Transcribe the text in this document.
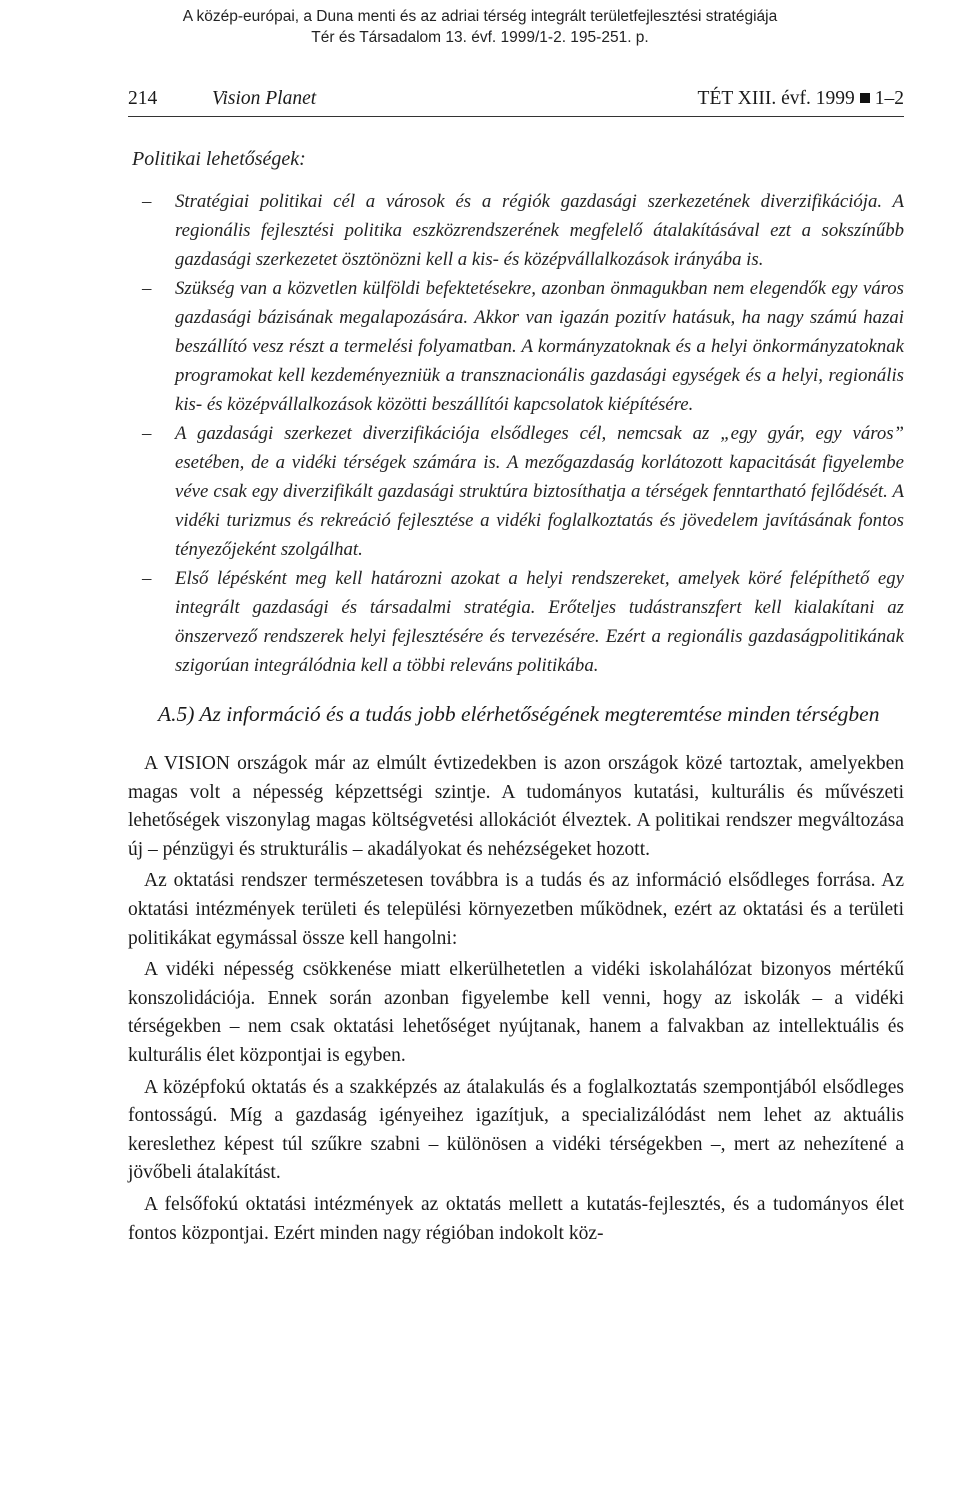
A közép-európai, a Duna menti és az adriai térség integrált területfejlesztési stratégiája
Tér és Társadalom 13. évf. 1999/1-2. 195-251. p.
214	Vision Planet	TÉT XIII. évf. 1999 1–2
Politikai lehetőségek:
– Stratégiai politikai cél a városok és a régiók gazdasági szerkezetének diverzifikációja. A regionális fejlesztési politika eszközrendszerének megfelelő átalakításával ezt a sokszínűbb gazdasági szerkezetet ösztönözni kell a kis- és középvállalkozások irányába is.
– Szükség van a közvetlen külföldi befektetésekre, azonban önmagukban nem elegendők egy város gazdasági bázisának megalapozására. Akkor van igazán pozitív hatásuk, ha nagy számú hazai beszállító vesz részt a termelési folyamatban. A kormányzatoknak és a helyi önkormányzatoknak programokat kell kezdeményezniük a transznacionális gazdasági egységek és a helyi, regionális kis- és középvállalkozások közötti beszállítói kapcsolatok kiépítésére.
– A gazdasági szerkezet diverzifikációja elsődleges cél, nemcsak az „egy gyár, egy város” esetében, de a vidéki térségek számára is. A mezőgazdaság korlátozott kapacitását figyelembe véve csak egy diverzifikált gazdasági struktúra biztosíthatja a térségek fenntartható fejlődését. A vidéki turizmus és rekreáció fejlesztése a vidéki foglalkoztatás és jövedelem javításának fontos tényezőjeként szolgálhat.
– Első lépésként meg kell határozni azokat a helyi rendszereket, amelyek köré felépíthető egy integrált gazdasági és társadalmi stratégia. Erőteljes tudástranszfert kell kialakítani az önszervező rendszerek helyi fejlesztésére és tervezésére. Ezért a regionális gazdaságpolitikának szigorúan integrálódnia kell a többi releváns politikába.
A.5) Az információ és a tudás jobb elérhetőségének megteremtése minden térségben

A VISION országok már az elmúlt évtizedekben is azon országok közé tartoztak, amelyekben magas volt a népesség képzettségi szintje. A tudományos kutatási, kulturális és művészeti lehetőségek viszonylag magas költségvetési allokációt élveztek. A politikai rendszer megváltozása új – pénzügyi és strukturális – akadályokat és nehézségeket hozott.

Az oktatási rendszer természetesen továbbra is a tudás és az információ elsődleges forrása. Az oktatási intézmények területi és települési környezetben működnek, ezért az oktatási és a területi politikákat egymással össze kell hangolni:

A vidéki népesség csökkenése miatt elkerülhetetlen a vidéki iskolahálózat bizonyos mértékű konszolidációja. Ennek során azonban figyelembe kell venni, hogy az iskolák – a vidéki térségekben – nem csak oktatási lehetőséget nyújtanak, hanem a falvakban az intellektuális és kulturális élet központjai is egyben.

A középfokú oktatás és a szakképzés az átalakulás és a foglalkoztatás szempontjából elsődleges fontosságú. Míg a gazdaság igényeihez igazítjuk, a specializálódást nem lehet az aktuális kereslethez képest túl szűkre szabni – különösen a vidéki térségekben –, mert az nehezítené a jövőbeli átalakítást.

A felsőfokú oktatási intézmények az oktatás mellett a kutatás-fejlesztés, és a tudományos élet fontos központjai. Ezért minden nagy régióban indokolt köz-
